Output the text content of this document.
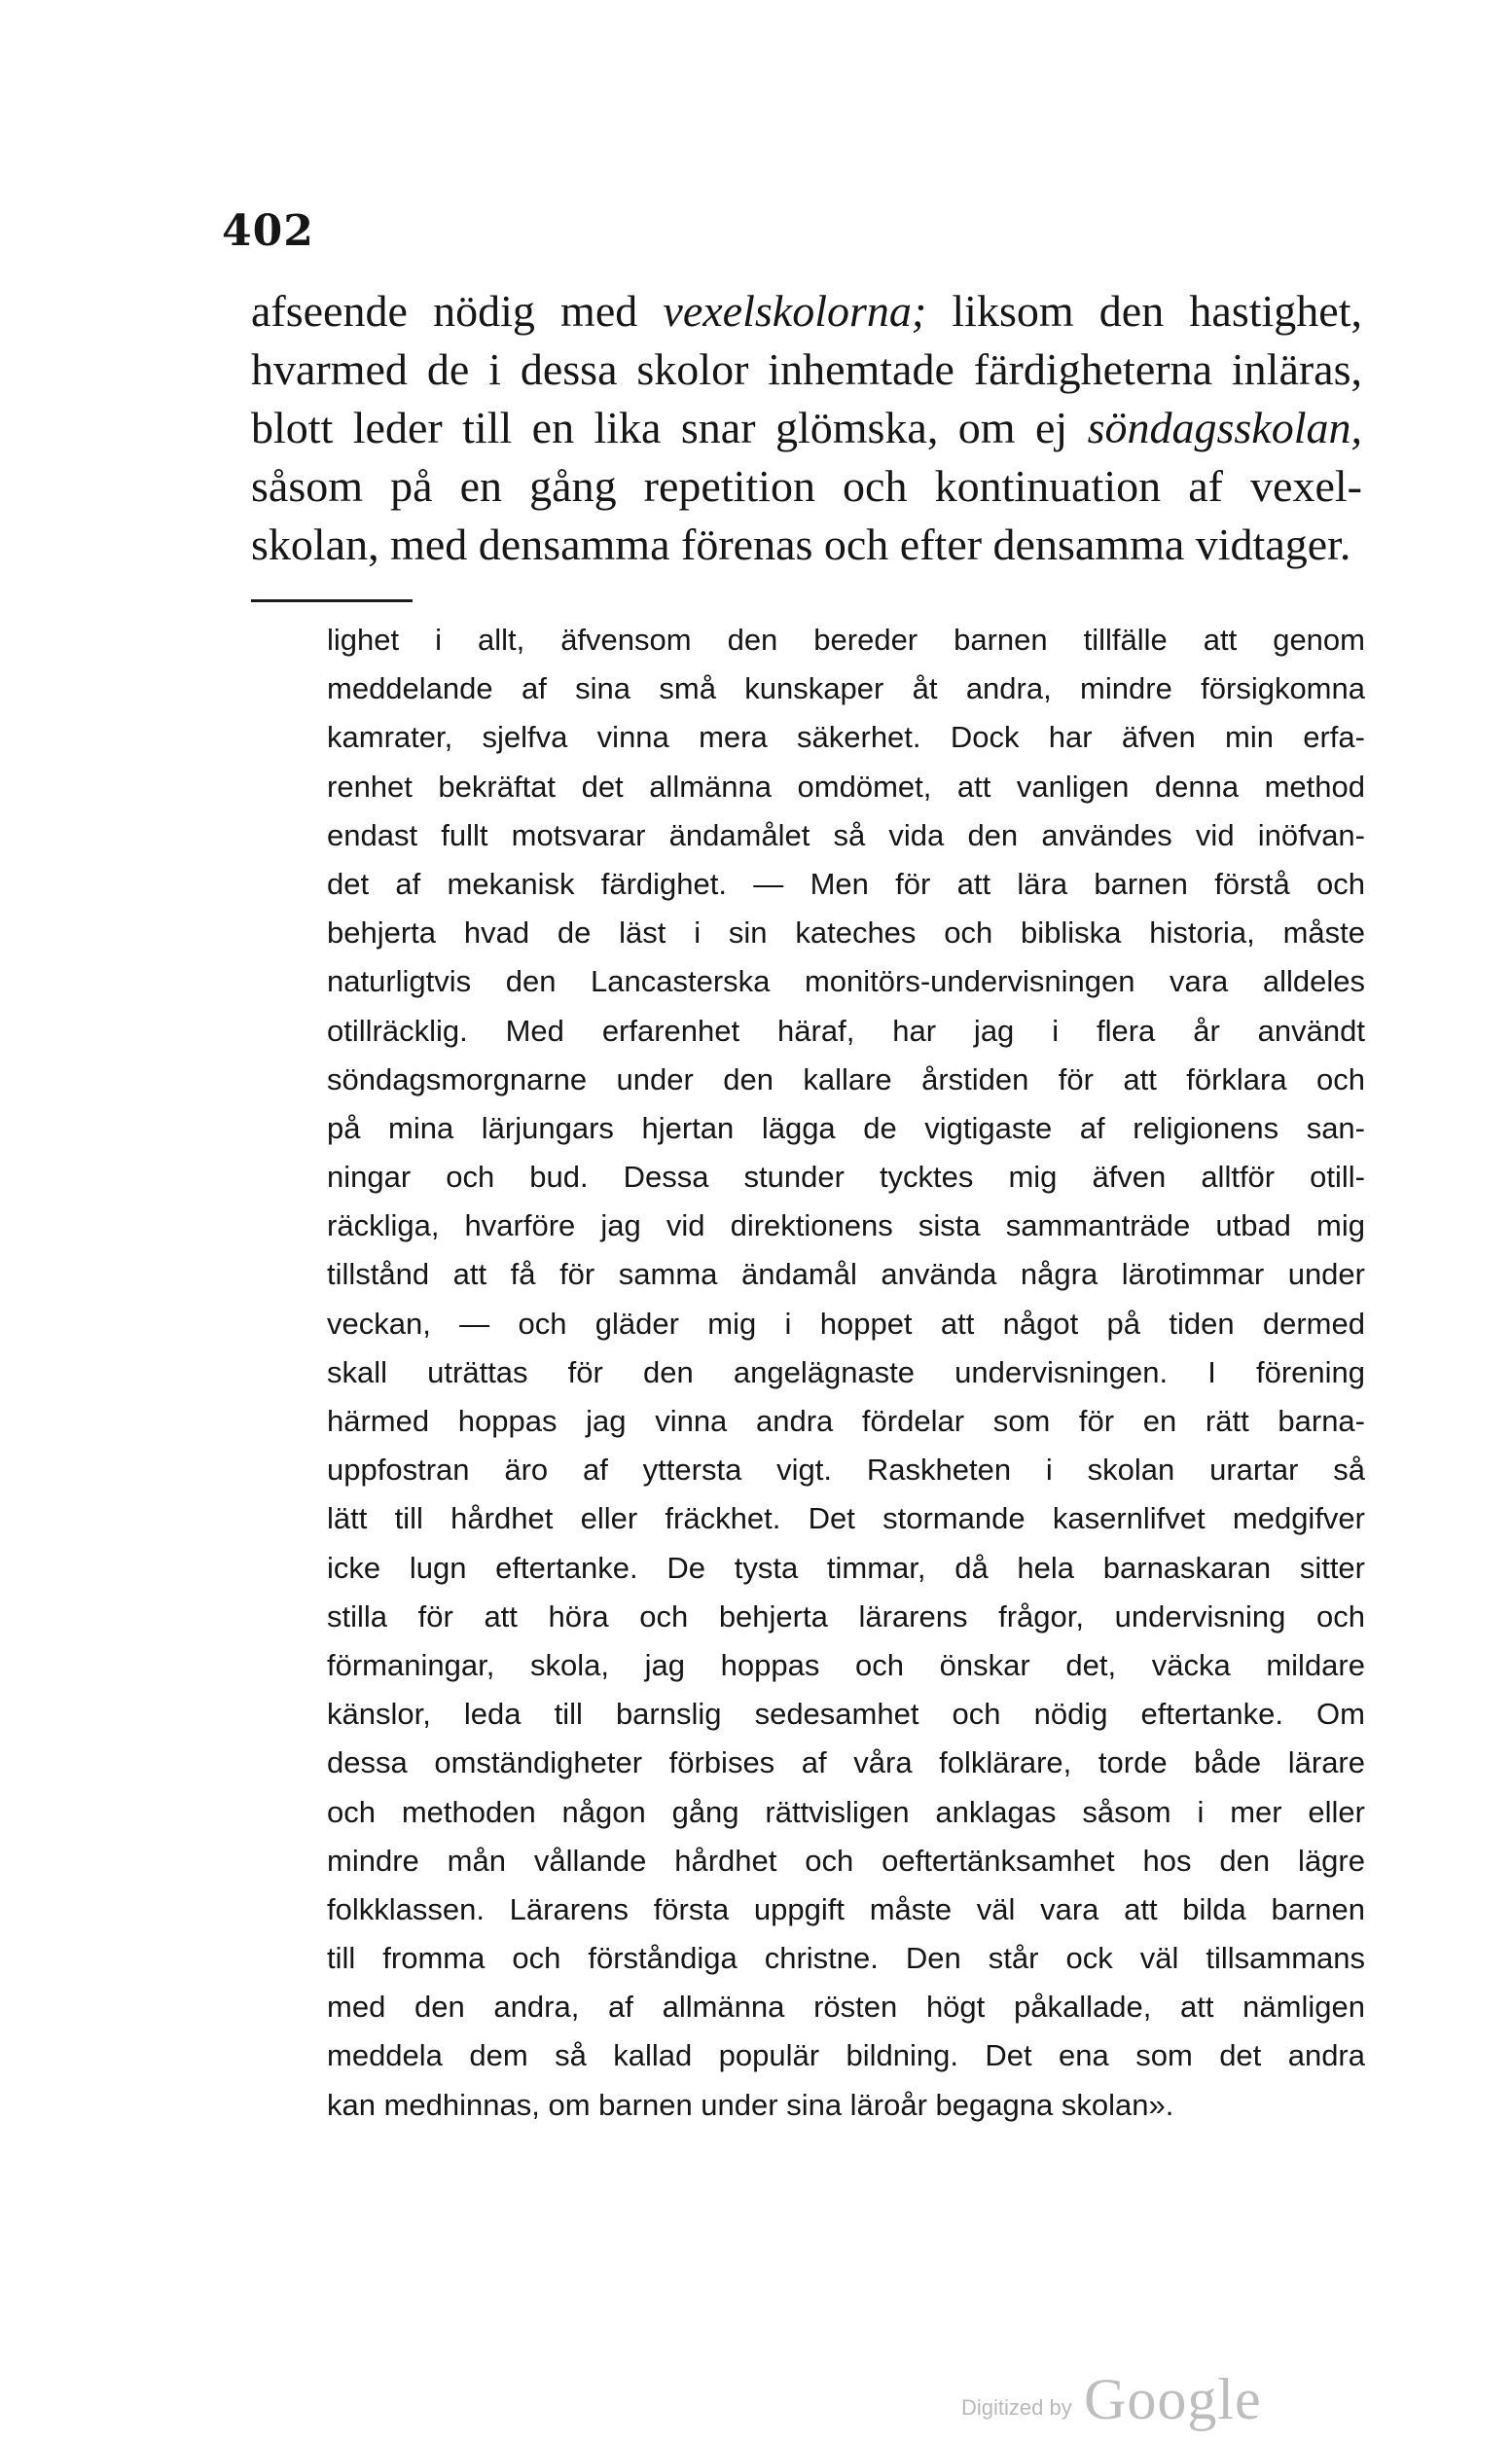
402
afseende nödig med vexelskolorna; liksom den hastighet,
hvarmed de i dessa skolor inhemtade färdigheterna inläras,
blott leder till en lika snar glömska, om ej söndagsskolan,
såsom på en gång repetition och kontinuation af vexel-
skolan, med densamma förenas och efter densamma vidtager.
lighet i allt, äfvensom den bereder barnen tillfälle att genom
meddelande af sina små kunskaper åt andra, mindre försigkomna
kamrater, sjelfva vinna mera säkerhet. Dock har äfven min erfa-
renhet bekräftat det allmänna omdömet, att vanligen denna method
endast fullt motsvarar ändamålet så vida den användes vid inöfvan-
det af mekanisk färdighet. — Men för att lära barnen förstå och
behjerta hvad de läst i sin kateches och bibliska historia, måste
naturligtvis den Lancasterska monitörs-undervisningen vara alldeles
otillräcklig. Med erfarenhet häraf, har jag i flera år användt
söndagsmorgnarne under den kallare årstiden för att förklara och
på mina lärjungars hjertan lägga de vigtigaste af religionens san-
ningar och bud. Dessa stunder tycktes mig äfven alltför otill-
räckliga, hvarföre jag vid direktionens sista sammanträde utbad mig
tillstånd att få för samma ändamål använda några lärotimmar under
veckan, — och gläder mig i hoppet att något på tiden dermed
skall uträttas för den angelägnaste undervisningen. I förening
härmed hoppas jag vinna andra fördelar som för en rätt barna-
uppfostran äro af yttersta vigt. Raskheten i skolan urartar så
lätt till hårdhet eller fräckhet. Det stormande kasernlifvet medgifver
icke lugn eftertanke. De tysta timmar, då hela barnaskaran sitter
stilla för att höra och behjerta lärarens frågor, undervisning och
förmaningar, skola, jag hoppas och önskar det, väcka mildare
känslor, leda till barnslig sedesamhet och nödig eftertanke. Om
dessa omständigheter förbises af våra folklärare, torde både lärare
och methoden någon gång rättvisligen anklagas såsom i mer eller
mindre mån vållande hårdhet och oeftertänksamhet hos den lägre
folkklassen. Lärarens första uppgift måste väl vara att bilda barnen
till fromma och förståndiga christne. Den står ock väl tillsammans
med den andra, af allmänna rösten högt påkallade, att nämligen
meddela dem så kallad populär bildning. Det ena som det andra
kan medhinnas, om barnen under sina läroår begagna skolan».
Digitized by Google
